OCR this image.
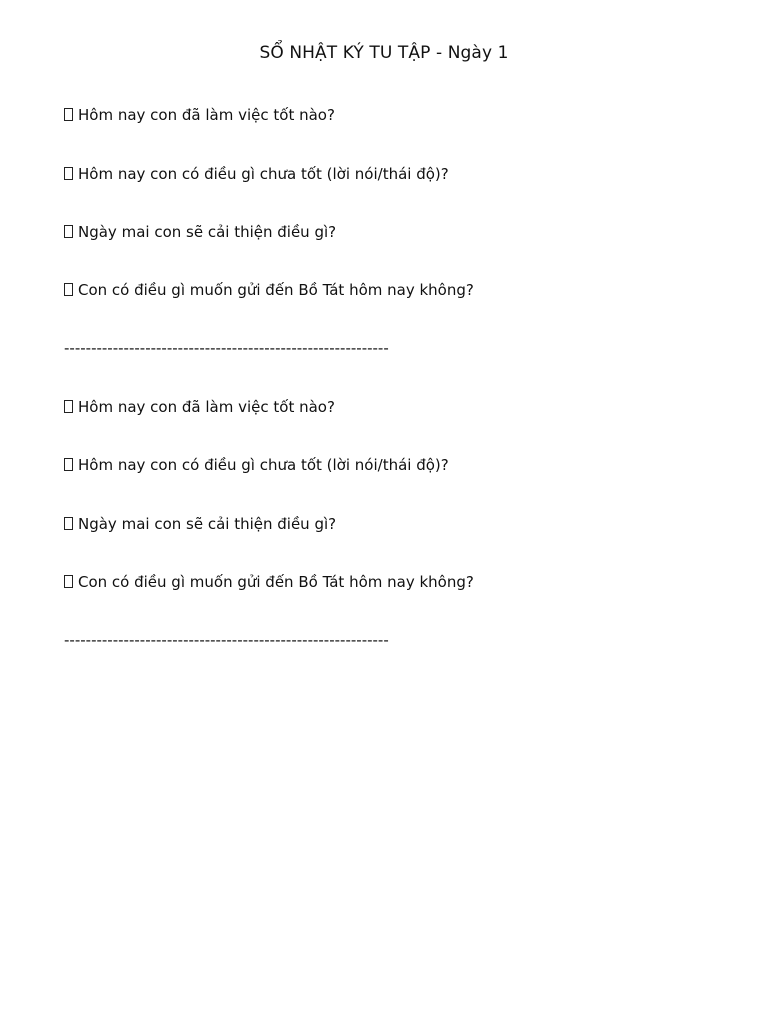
SỔ NHẬT KÝ TU TẬP - Ngày 1
Hôm nay con đã làm việc tốt nào?
Hôm nay con có điều gì chưa tốt (lời nói/thái độ)?
Ngày mai con sẽ cải thiện điều gì?
Con có điều gì muốn gửi đến Bồ Tát hôm nay không?
------------------------------------------------------------
Hôm nay con đã làm việc tốt nào?
Hôm nay con có điều gì chưa tốt (lời nói/thái độ)?
Ngày mai con sẽ cải thiện điều gì?
Con có điều gì muốn gửi đến Bồ Tát hôm nay không?
------------------------------------------------------------
